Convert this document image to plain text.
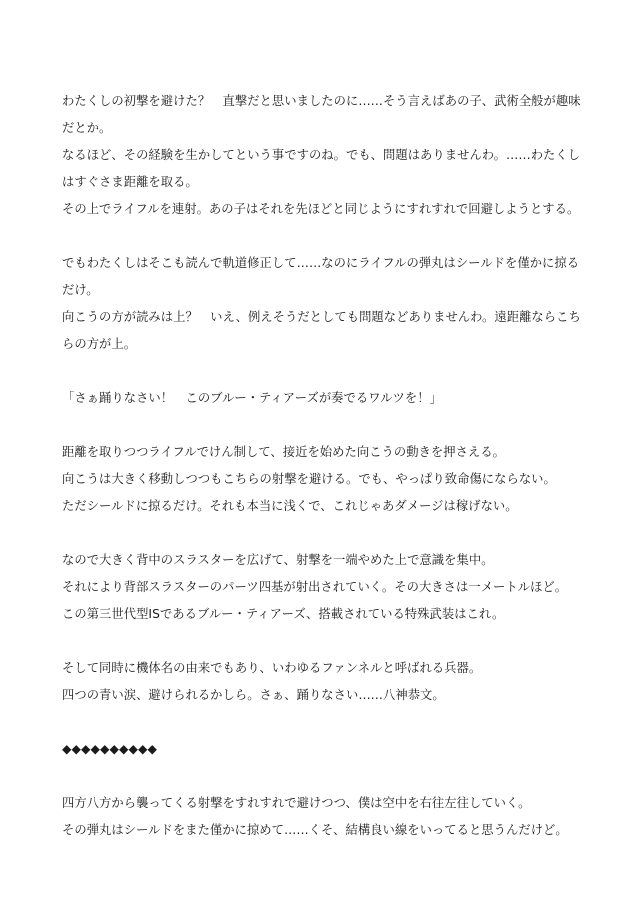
わたくしの初撃を避けた？　直撃だと思いましたのに……そう言えばあの子、武術全般が趣味だとか。

なるほど、その経験を生かしてという事ですのね。でも、問題はありませんわ。……わたくしはすぐさま距離を取る。

その上でライフルを連射。あの子はそれを先ほどと同じようにすれすれで回避しようとする。

でもわたくしはそこも読んで軌道修正して……なのにライフルの弾丸はシールドを僅かに掠るだけ。

向こうの方が読みは上？　いえ、例えそうだとしても問題などありませんわ。遠距離ならこちらの方が上。

「さぁ踊りなさい！　このブルー・ティアーズが奏でるワルツを！」

距離を取りつつライフルでけん制して、接近を始めた向こうの動きを押さえる。

向こうは大きく移動しつつもこちらの射撃を避ける。でも、やっぱり致命傷にならない。

ただシールドに掠るだけ。それも本当に浅くで、これじゃあダメージは稼げない。

なので大きく背中のスラスターを広げて、射撃を一端やめた上で意識を集中。

それにより背部スラスターのパーツ四基が射出されていく。その大きさは一メートルほど。

この第三世代型ISであるブルー・ティアーズ、搭載されている特殊武装はこれ。

そして同時に機体名の由来でもあり、いわゆるファンネルと呼ばれる兵器。

四つの青い涙、避けられるかしら。さぁ、踊りなさい……八神恭文。

◆◆◆◆◆◆◆◆◆◆

四方八方から襲ってくる射撃をすれすれで避けつつ、僕は空中を右往左往していく。

その弾丸はシールドをまた僅かに掠めて……くそ、結構良い線をいってると思うんだけど。
